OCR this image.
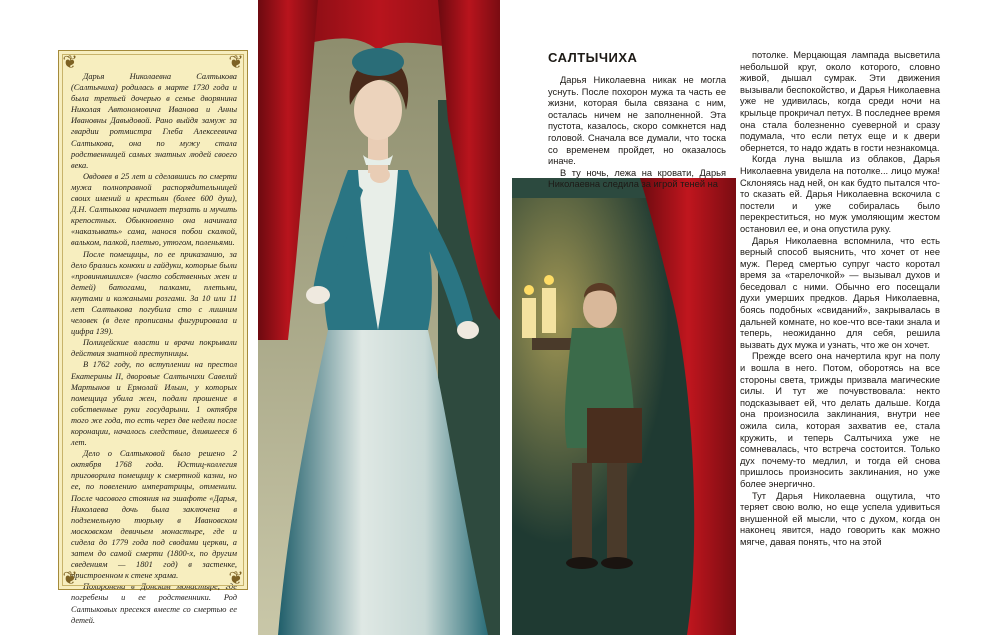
❦	❦
❦	❦

Дарья Николаевна Салтыкова (Салтычиха) родилась в марте 1730 года и была третьей дочерью в семье дворянина Николая Автономовича Иванова и Анны Ивановны Давыдовой. Рано выйдя замуж за гвардии ротмистра Глеба Алексеевича Салтыкова, она по мужу стала родственницей самых знатных людей своего века.

Овдовев в 25 лет и сделавшись по смерти мужа полноправной распорядительницей своих имений и крестьян (более 600 душ), Д.Н. Салтыкова начинает терзать и мучить крепостных. Обыкновенно она начинала «наказывать» сама, нанося побои скалкой, вальком, палкой, плетью, утюгом, поленьями.

После помещицы, по ее приказанию, за дело брались конюхи и гайдуки, которые были «провинившихся» (часто собственных жен и детей) батогами, палками, плетьми, кнутами и кожаными розгами. За 10 или 11 лет Салтыкова погубила сто с лишним человек (в деле прописаны фигурировала и цифра 139).

Полицейские власти и врачи покрывали действия знатной преступницы.

В 1762 году, по вступлении на престол Екатерины II, дворовые Салтычихи Савелий Мартынов и Ермолай Ильин, у которых помещица убила жен, подали прошение в собственные руки государыни. 1 октября того же года, то есть через две недели после коронации, началось следствие, длившееся 6 лет.

Дело о Салтыковой было решено 2 октября 1768 года. Юстиц-коллегия приговорила помещицу к смертной казни, но ее, по повелению императрицы, отменили. После часового стояния на эшафоте «Дарья, Николаева дочь была заключена в подземельную тюрьму в Ивановском московском девичьем монастыре, где и сидела до 1779 года под сводами церкви, а затем до самой смерти (1800-х, по другим сведениям — 1801 год) в застенке, пристроенном к стене храма.

Похоронена в Донском монастыре, где погребены и ее родственники. Род Салтыковых пресекся вместе со смертью ее детей.

САЛТЫЧИХА

Дарья Николаевна никак не могла уснуть. После похорон мужа та часть ее жизни, которая была связана с ним, осталась ничем не заполненной. Эта пустота, казалось, скоро сомкнется над головой. Сначала все думали, что тоска со временем пройдет, но оказалось иначе.

В ту ночь, лежа на кровати, Дарья Николаевна следила за игрой теней на

потолке. Мерцающая лампада высветила небольшой круг, около которого, словно живой, дышал сумрак. Эти движения вызывали беспокойство, и Дарья Николаевна уже не удивилась, когда среди ночи на крыльце прокричал петух. В последнее время она стала болезненно суеверной и сразу подумала, что если петух еще и к двери обернется, то надо ждать в гости незнакомца.

Когда луна вышла из облаков, Дарья Николаевна увидела на потолке... лицо мужа! Склоняясь над ней, он как будто пытался что-то сказать ей. Дарья Николаевна вскочила с постели и уже собиралась было перекреститься, но муж умоляющим жестом остановил ее, и она опустила руку.

Дарья Николаевна вспомнила, что есть верный способ выяснить, что хочет от нее муж. Перед смертью супруг часто коротал время за «тарелочкой» — вызывал духов и беседовал с ними. Обычно его посещали духи умерших предков. Дарья Николаевна, боясь подобных «свиданий», закрывалась в дальней комнате, но кое-что все-таки знала и теперь, неожиданно для себя, решила вызвать дух мужа и узнать, что же он хочет.

Прежде всего она начертила круг на полу и вошла в него. Потом, оборотясь на все стороны света, трижды призвала магические силы. И тут же почувствовала: некто подсказывает ей, что делать дальше. Когда она произносила заклинания, внутри нее ожила сила, которая захватив ее, стала кружить, и теперь Салтычиха уже не сомневалась, что встреча состоится. Только дух почему-то медлил, и тогда ей снова пришлось произносить заклинания, но уже более энергично.

Тут Дарья Николаевна ощутила, что теряет свою волю, но еще успела удивиться внушенной ей мысли, что с духом, когда он наконец явится, надо говорить как можно мягче, давая понять, что на этой
